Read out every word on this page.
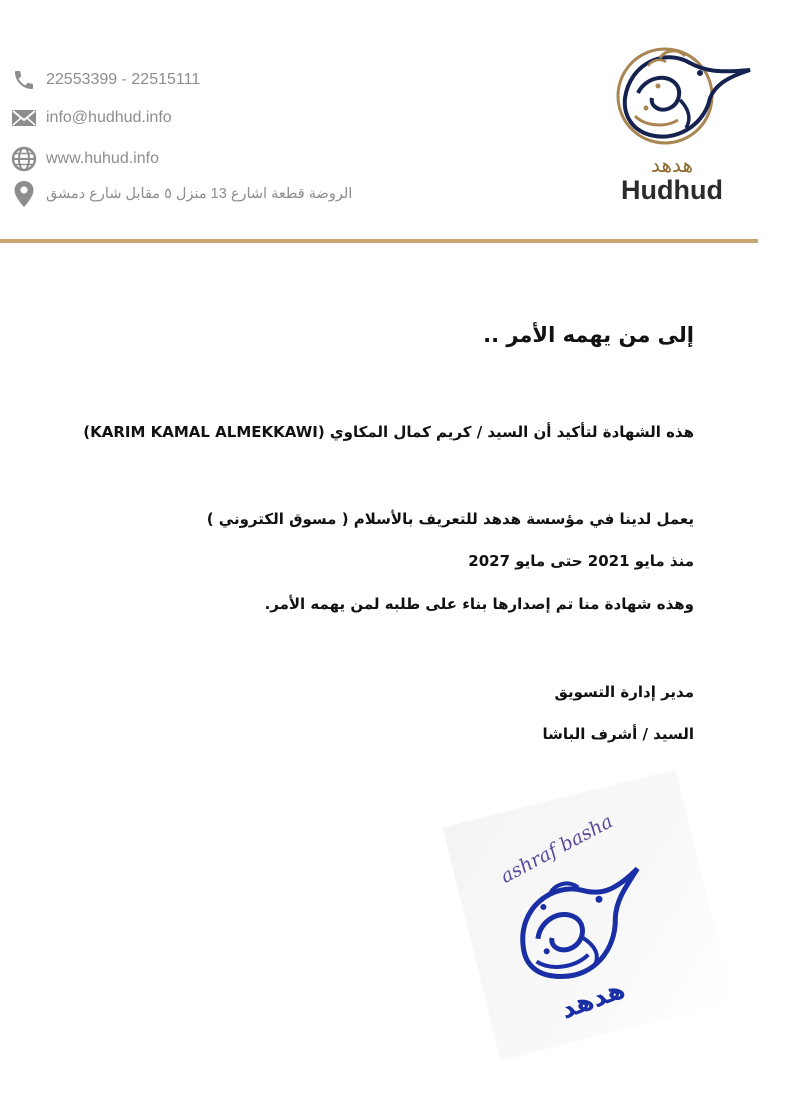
22553399 - 22515111
info@hudhud.info
www.huhud.info
الروضة قطعة اشارع 13 منزل ٥ مقابل شارع دمشق
هدهد
Hudhud
إلى من يهمه الأمر ..
هذه الشهادة لتأكيد أن السيد / كريم كمال المكاوي (KARIM KAMAL ALMEKKAWI)
يعمل لدينا في مؤسسة هدهد للتعريف بالأسلام ( مسوق الكتروني )
منذ مايو 2021 حتى مايو 2027
وهذه شهادة منا تم إصدارها بناء على طلبه لمن يهمه الأمر.
مدير إدارة التسويق
السيد / أشرف الباشا
ashraf basha
هدهد
